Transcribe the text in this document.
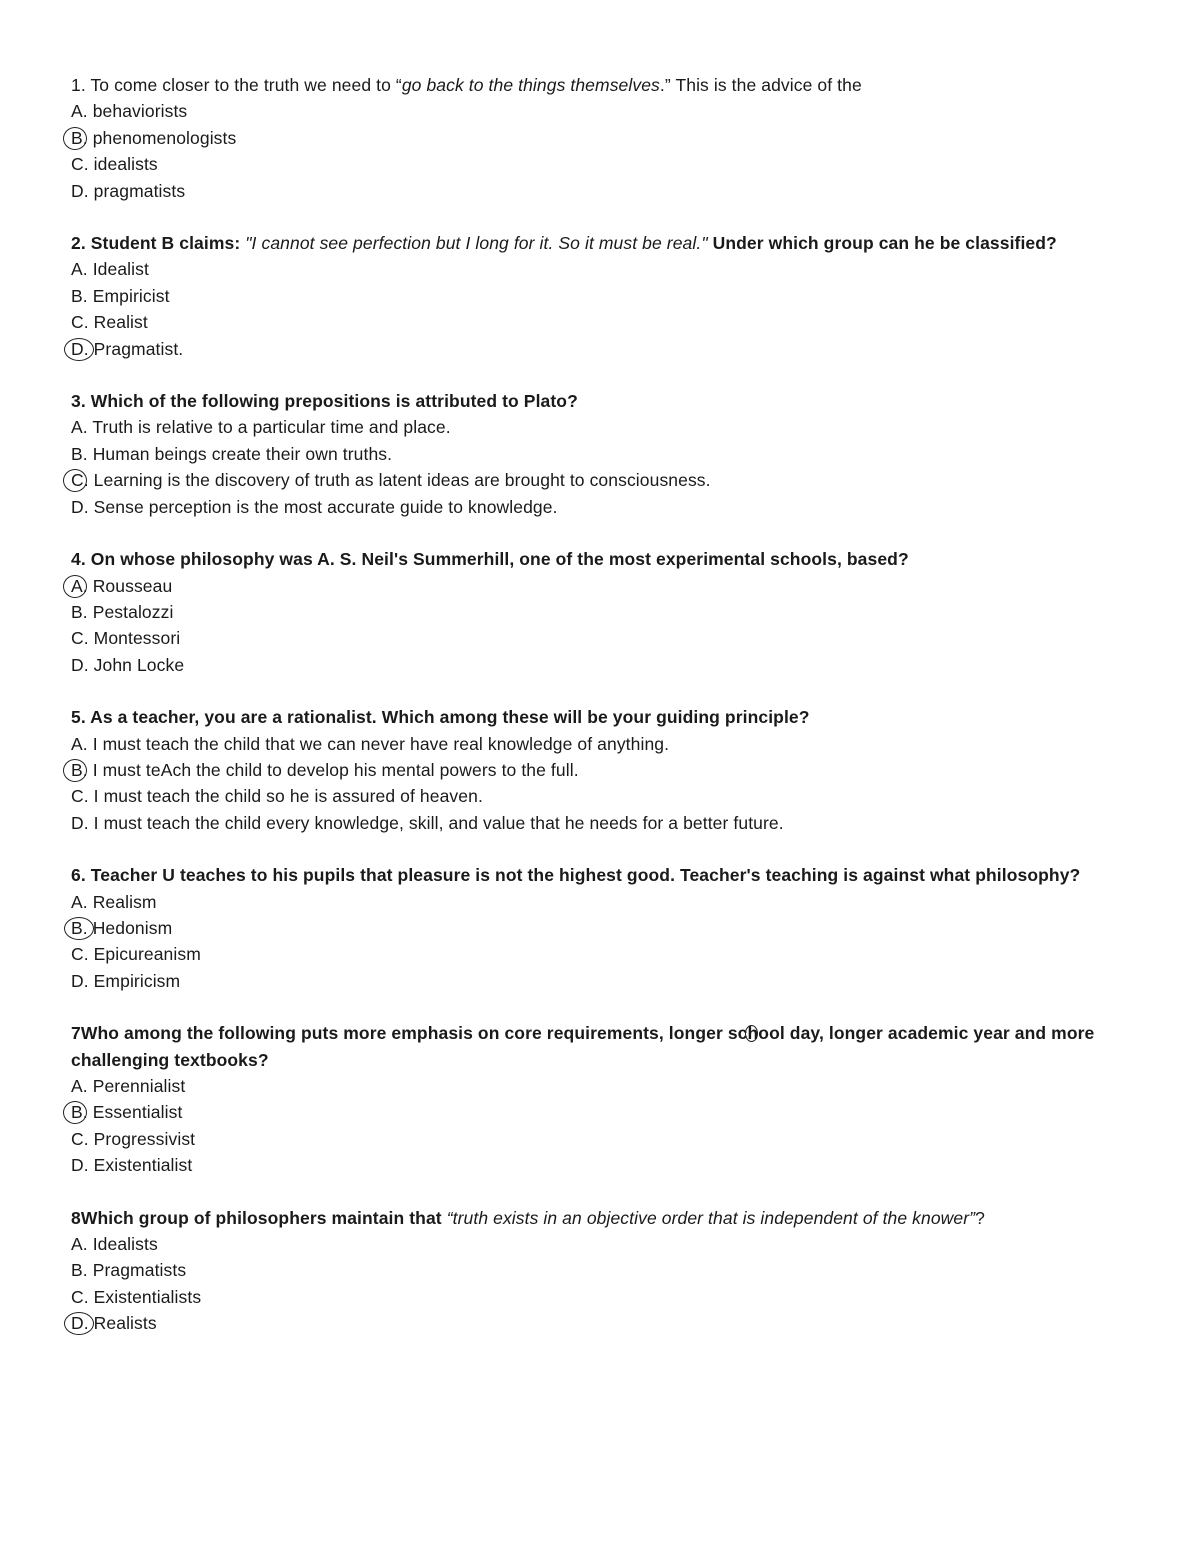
1. To come closer to the truth we need to “go back to the things themselves.” This is the advice of the
A. behaviorists
B. phenomenologists
C. idealists
D. pragmatists
2. Student B claims: "I cannot see perfection but I long for it. So it must be real." Under which group can he be classified?
A. Idealist
B. Empiricist
C. Realist
D. Pragmatist.
3. Which of the following prepositions is attributed to Plato?
A. Truth is relative to a particular time and place.
B. Human beings create their own truths.
C. Learning is the discovery of truth as latent ideas are brought to consciousness.
D. Sense perception is the most accurate guide to knowledge.
4. On whose philosophy was A. S. Neil's Summerhill, one of the most experimental schools, based?
A. Rousseau
B. Pestalozzi
C. Montessori
D. John Locke
5. As a teacher, you are a rationalist. Which among these will be your guiding principle?
A. I must teach the child that we can never have real knowledge of anything.
B. I must teAch the child to develop his mental powers to the full.
C. I must teach the child so he is assured of heaven.
D. I must teach the child every knowledge, skill, and value that he needs for a better future.
6. Teacher U teaches to his pupils that pleasure is not the highest good. Teacher's teaching is against what philosophy?
A. Realism
B. Hedonism
C. Epicureanism
D. Empiricism
7Who among the following puts more emphasis on core requirements, longer school day, longer academic year and more challenging textbooks?
A. Perennialist
B. Essentialist
C. Progressivist
D. Existentialist
8Which group of philosophers maintain that “truth exists in an objective order that is independent of the knower”?
A. Idealists
B. Pragmatists
C. Existentialists
D. Realists
